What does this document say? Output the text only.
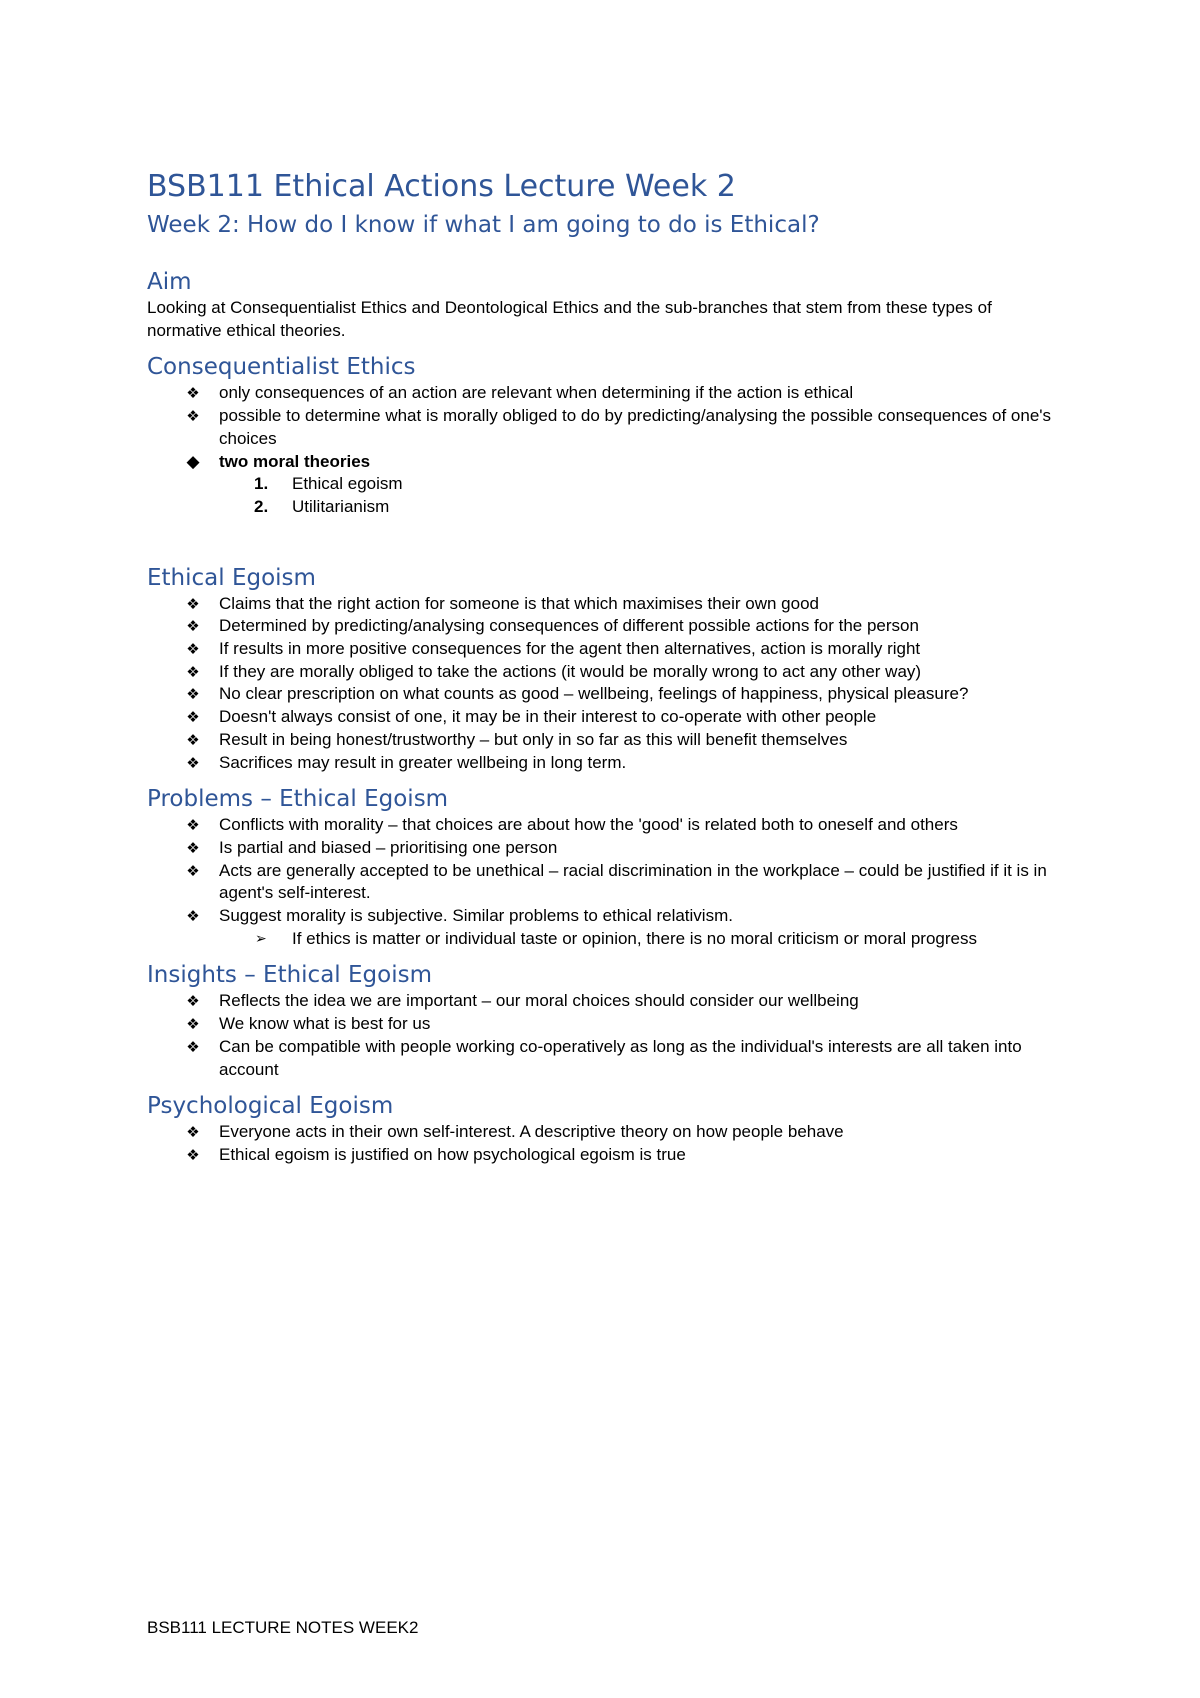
BSB111 Ethical Actions Lecture Week 2
Week 2: How do I know if what I am going to do is Ethical?
Aim

Looking at Consequentialist Ethics and Deontological Ethics and the sub-branches that stem from these types of normative ethical theories.

Consequentialist Ethics
❖ only consequences of an action are relevant when determining if the action is ethical
❖ possible to determine what is morally obliged to do by predicting/analysing the possible consequences of one's choices
◆ two moral theories
1. Ethical egoism
2. Utilitarianism
Ethical Egoism
❖ Claims that the right action for someone is that which maximises their own good
❖ Determined by predicting/analysing consequences of different possible actions for the person
❖ If results in more positive consequences for the agent then alternatives, action is morally right
❖ If they are morally obliged to take the actions (it would be morally wrong to act any other way)
❖ No clear prescription on what counts as good – wellbeing, feelings of happiness, physical pleasure?
❖ Doesn't always consist of one, it may be in their interest to co-operate with other people
❖ Result in being honest/trustworthy – but only in so far as this will benefit themselves
❖ Sacrifices may result in greater wellbeing in long term.
Problems – Ethical Egoism
❖ Conflicts with morality – that choices are about how the 'good' is related both to oneself and others
❖ Is partial and biased – prioritising one person
❖ Acts are generally accepted to be unethical – racial discrimination in the workplace – could be justified if it is in agent's self-interest.
❖ Suggest morality is subjective. Similar problems to ethical relativism.
➢ If ethics is matter or individual taste or opinion, there is no moral criticism or moral progress
Insights – Ethical Egoism
❖ Reflects the idea we are important – our moral choices should consider our wellbeing
❖ We know what is best for us
❖ Can be compatible with people working co-operatively as long as the individual's interests are all taken into account
Psychological Egoism
❖ Everyone acts in their own self-interest. A descriptive theory on how people behave
❖ Ethical egoism is justified on how psychological egoism is true
BSB111 LECTURE NOTES WEEK2
